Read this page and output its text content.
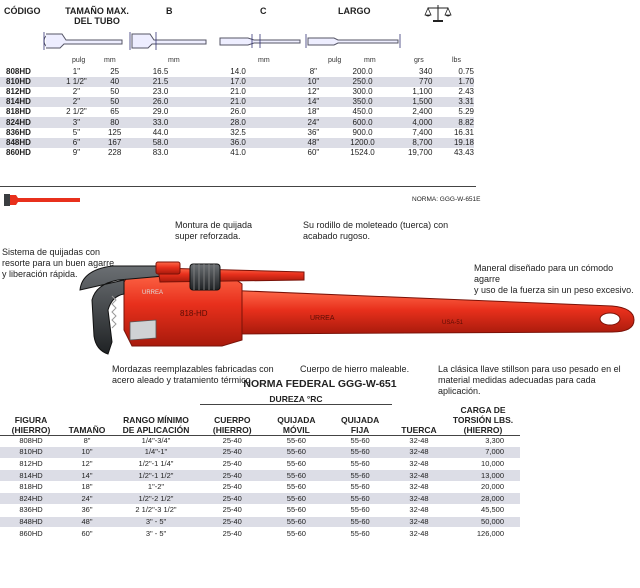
CÓDIGO	TAMAÑO MAX.
DEL TUBO
B	C	LARGO
pulg	mm	mm	mm	pulg	mm	grs	lbs
808HD	1"	25	16.5	14.0	8"	200.0	340	0.75
810HD	1 1/2"	40	21.5	17.0	10"	250.0	770	1.70
812HD	2"	50	23.0	21.0	12"	300.0	1,100	2.43
814HD	2"	50	26.0	21.0	14"	350.0	1,500	3.31
818HD	2 1/2"	65	29.0	26.0	18"	450.0	2,400	5.29
824HD	3"	80	33.0	28.0	24"	600.0	4,000	8.82
836HD	5"	125	44.0	32.5	36"	900.0	7,400	16.31
848HD	6"	167	58.0	36.0	48"	1200.0	8,700	19.18
860HD	9"	228	83.0	41.0	60"	1524.0	19,700	43.43
NORMA: GGG-W-651E
Montura de quijada
super reforzada.
Su rodillo de moleteado (tuerca) con
acabado rugoso.
Sistema de quijadas con
resorte para un buen agarre
y liberación rápida.
Maneral diseñado para un cómodo agarre
y uso de la fuerza sin un peso excesivo.
Mordazas reemplazables fabricadas con
acero aleado y tratamiento térmico.
Cuerpo de hierro maleable.	La clásica llave stillson para uso pesado en el
material medidas adecuadas para cada aplicación.
818-HD
URREA
USA-51
URREA
NORMA FEDERAL GGG-W-651
			DUREZA °RC				
FIGURA
(HIERRO)	TAMAÑO	RANGO MÍNIMO
DE APLICACIÓN	CUERPO
(HIERRO)	QUIJADA
MÓVIL	QUIJADA
FIJA	TUERCA	CARGA DE
TORSIÓN LBS.
(HIERRO)
808HD	8"	1/4"-3/4"	25-40	55-60	55-60	32-48	3,300
810HD	10"	1/4"-1"	25-40	55-60	55-60	32-48	7,000
812HD	12"	1/2"-1 1/4"	25-40	55-60	55-60	32-48	10,000
814HD	14"	1/2"-1 1/2"	25-40	55-60	55-60	32-48	13,000
818HD	18"	1"-2"	25-40	55-60	55-60	32-48	20,000
824HD	24"	1/2"-2 1/2"	25-40	55-60	55-60	32-48	28,000
836HD	36"	2 1/2"-3 1/2"	25-40	55-60	55-60	32-48	45,500
848HD	48"	3" - 5"	25-40	55-60	55-60	32-48	50,000
860HD	60"	3" - 5"	25-40	55-60	55-60	32-48	126,000
